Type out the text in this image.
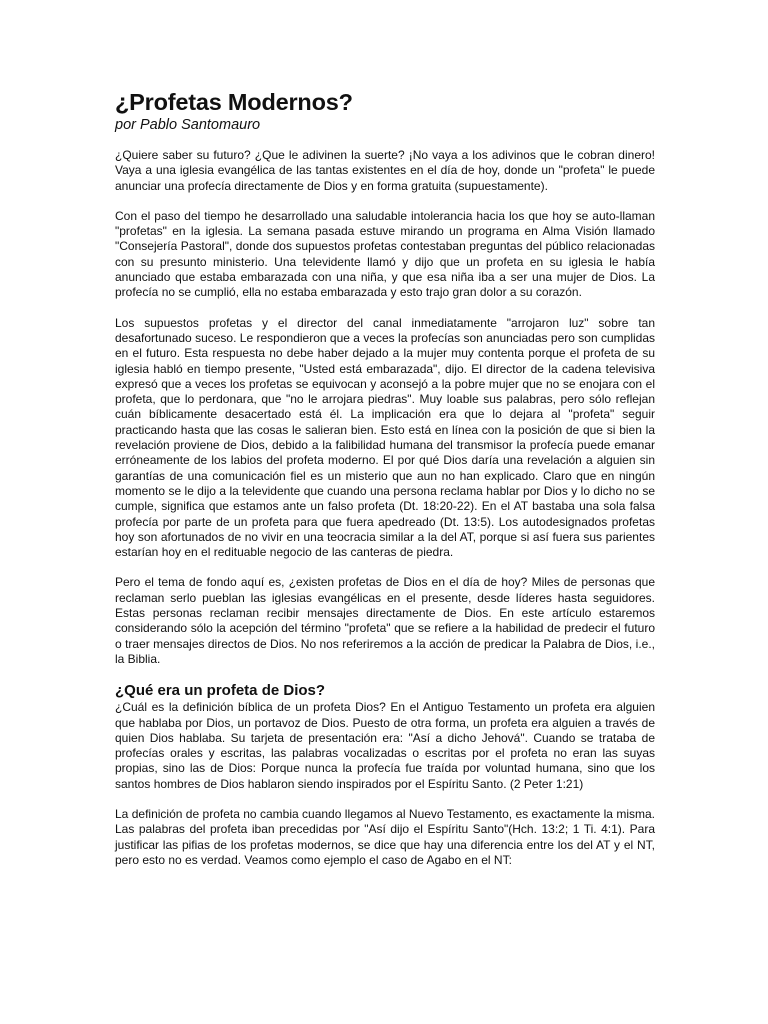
¿Profetas Modernos?

por Pablo Santomauro

¿Quiere saber su futuro? ¿Que le adivinen la suerte? ¡No vaya a los adivinos que le cobran dinero! Vaya a una iglesia evangélica de las tantas existentes en el día de hoy, donde un "profeta" le puede anunciar una profecía directamente de Dios y en forma gratuita (supuestamente).

Con el paso del tiempo he desarrollado una saludable intolerancia hacia los que hoy se auto-llaman "profetas" en la iglesia. La semana pasada estuve mirando un programa en Alma Visión llamado "Consejería Pastoral", donde dos supuestos profetas contestaban preguntas del público relacionadas con su presunto ministerio. Una televidente llamó y dijo que un profeta en su iglesia le había anunciado que estaba embarazada con una niña, y que esa niña iba a ser una mujer de Dios. La profecía no se cumplió, ella no estaba embarazada y esto trajo gran dolor a su corazón.

Los supuestos profetas y el director del canal inmediatamente "arrojaron luz" sobre tan desafortunado suceso. Le respondieron que a veces la profecías son anunciadas pero son cumplidas en el futuro. Esta respuesta no debe haber dejado a la mujer muy contenta porque el profeta de su iglesia habló en tiempo presente, "Usted está embarazada", dijo. El director de la cadena televisiva expresó que a veces los profetas se equivocan y aconsejó a la pobre mujer que no se enojara con el profeta, que lo perdonara, que "no le arrojara piedras". Muy loable sus palabras, pero sólo reflejan cuán bíblicamente desacertado está él. La implicación era que lo dejara al "profeta" seguir practicando hasta que las cosas le salieran bien. Esto está en línea con la posición de que si bien la revelación proviene de Dios, debido a la falibilidad humana del transmisor la profecía puede emanar erróneamente de los labios del profeta moderno. El por qué Dios daría una revelación a alguien sin garantías de una comunicación fiel es un misterio que aun no han explicado. Claro que en ningún momento se le dijo a la televidente que cuando una persona reclama hablar por Dios y lo dicho no se cumple, significa que estamos ante un falso profeta (Dt. 18:20-22). En el AT bastaba una sola falsa profecía por parte de un profeta para que fuera apedreado (Dt. 13:5). Los autodesignados profetas hoy son afortunados de no vivir en una teocracia similar a la del AT, porque si así fuera sus parientes estarían hoy en el redituable negocio de las canteras de piedra.

Pero el tema de fondo aquí es, ¿existen profetas de Dios en el día de hoy? Miles de personas que reclaman serlo pueblan las iglesias evangélicas en el presente, desde líderes hasta seguidores. Estas personas reclaman recibir mensajes directamente de Dios. En este artículo estaremos considerando sólo la acepción del término "profeta" que se refiere a la habilidad de predecir el futuro o traer mensajes directos de Dios. No nos referiremos a la acción de predicar la Palabra de Dios, i.e., la Biblia.

¿Qué era un profeta de Dios?

¿Cuál es la definición bíblica de un profeta Dios? En el Antiguo Testamento un profeta era alguien que hablaba por Dios, un portavoz de Dios. Puesto de otra forma, un profeta era alguien a través de quien Dios hablaba. Su tarjeta de presentación era: "Así a dicho Jehová". Cuando se trataba de profecías orales y escritas, las palabras vocalizadas o escritas por el profeta no eran las suyas propias, sino las de Dios: Porque nunca la profecía fue traída por voluntad humana, sino que los santos hombres de Dios hablaron siendo inspirados por el Espíritu Santo. (2 Peter 1:21)

La definición de profeta no cambia cuando llegamos al Nuevo Testamento, es exactamente la misma. Las palabras del profeta iban precedidas por "Así dijo el Espíritu Santo"(Hch. 13:2; 1 Ti. 4:1). Para justificar las pifias de los profetas modernos, se dice que hay una diferencia entre los del AT y el NT, pero esto no es verdad. Veamos como ejemplo el caso de Agabo en el NT:
